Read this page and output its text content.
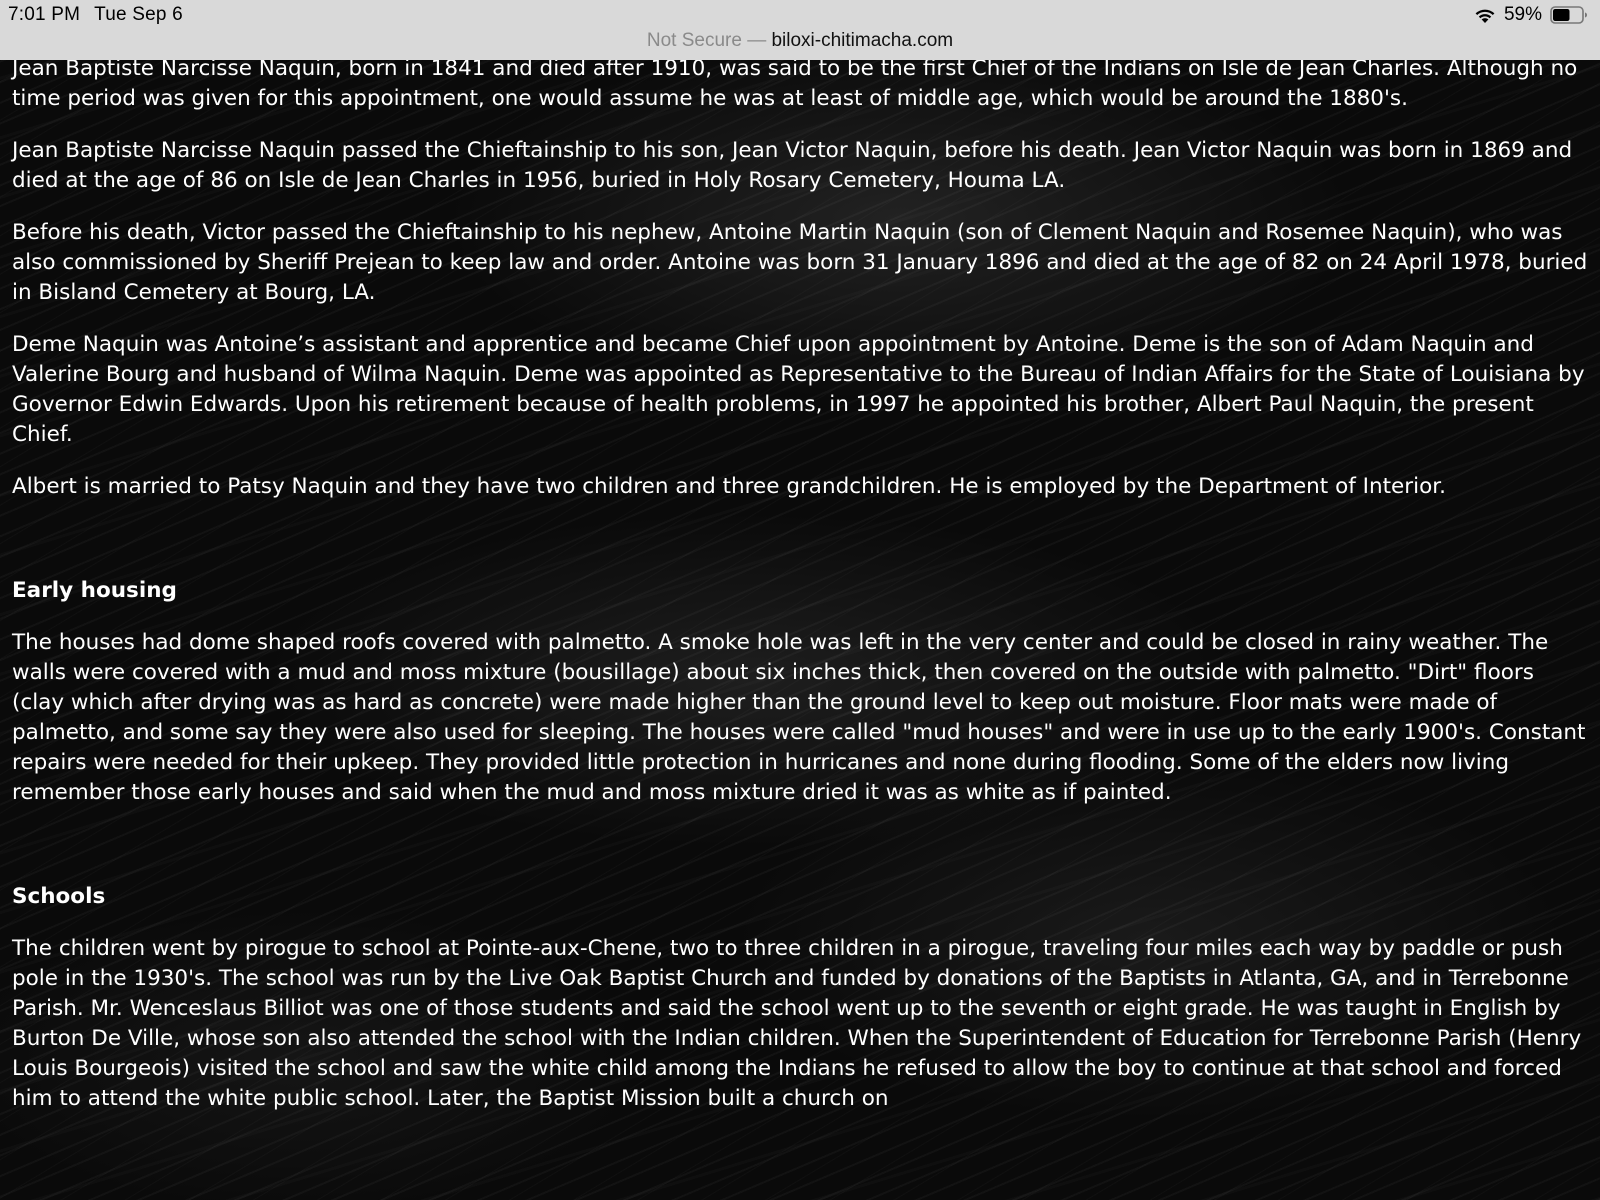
7:01 PM Tue Sep 6	59%
Not Secure — biloxi-chitimacha.com

Jean Baptiste Narcisse Naquin, born in 1841 and died after 1910, was said to be the first Chief of the Indians on Isle de Jean Charles. Although no time period was given for this appointment, one would assume he was at least of middle age, which would be around the 1880's.

Jean Baptiste Narcisse Naquin passed the Chieftainship to his son, Jean Victor Naquin, before his death. Jean Victor Naquin was born in 1869 and died at the age of 86 on Isle de Jean Charles in 1956, buried in Holy Rosary Cemetery, Houma LA.

Before his death, Victor passed the Chieftainship to his nephew, Antoine Martin Naquin (son of Clement Naquin and Rosemee Naquin), who was also commissioned by Sheriff Prejean to keep law and order. Antoine was born 31 January 1896 and died at the age of 82 on 24 April 1978, buried in Bisland Cemetery at Bourg, LA.

Deme Naquin was Antoine’s assistant and apprentice and became Chief upon appointment by Antoine. Deme is the son of Adam Naquin and Valerine Bourg and husband of Wilma Naquin. Deme was appointed as Representative to the Bureau of Indian Affairs for the State of Louisiana by Governor Edwin Edwards. Upon his retirement because of health problems, in 1997 he appointed his brother, Albert Paul Naquin, the present Chief.

Albert is married to Patsy Naquin and they have two children and three grandchildren. He is employed by the Department of Interior.

Early housing

The houses had dome shaped roofs covered with palmetto. A smoke hole was left in the very center and could be closed in rainy weather. The walls were covered with a mud and moss mixture (bousillage) about six inches thick, then covered on the outside with palmetto. "Dirt" floors (clay which after drying was as hard as concrete) were made higher than the ground level to keep out moisture. Floor mats were made of palmetto, and some say they were also used for sleeping. The houses were called "mud houses" and were in use up to the early 1900's. Constant repairs were needed for their upkeep. They provided little protection in hurricanes and none during flooding. Some of the elders now living remember those early houses and said when the mud and moss mixture dried it was as white as if painted.

Schools

The children went by pirogue to school at Pointe-aux-Chene, two to three children in a pirogue, traveling four miles each way by paddle or push pole in the 1930's. The school was run by the Live Oak Baptist Church and funded by donations of the Baptists in Atlanta, GA, and in Terrebonne Parish. Mr. Wenceslaus Billiot was one of those students and said the school went up to the seventh or eight grade. He was taught in English by Burton De Ville, whose son also attended the school with the Indian children. When the Superintendent of Education for Terrebonne Parish (Henry Louis Bourgeois) visited the school and saw the white child among the Indians he refused to allow the boy to continue at that school and forced him to attend the white public school. Later, the Baptist Mission built a church on
